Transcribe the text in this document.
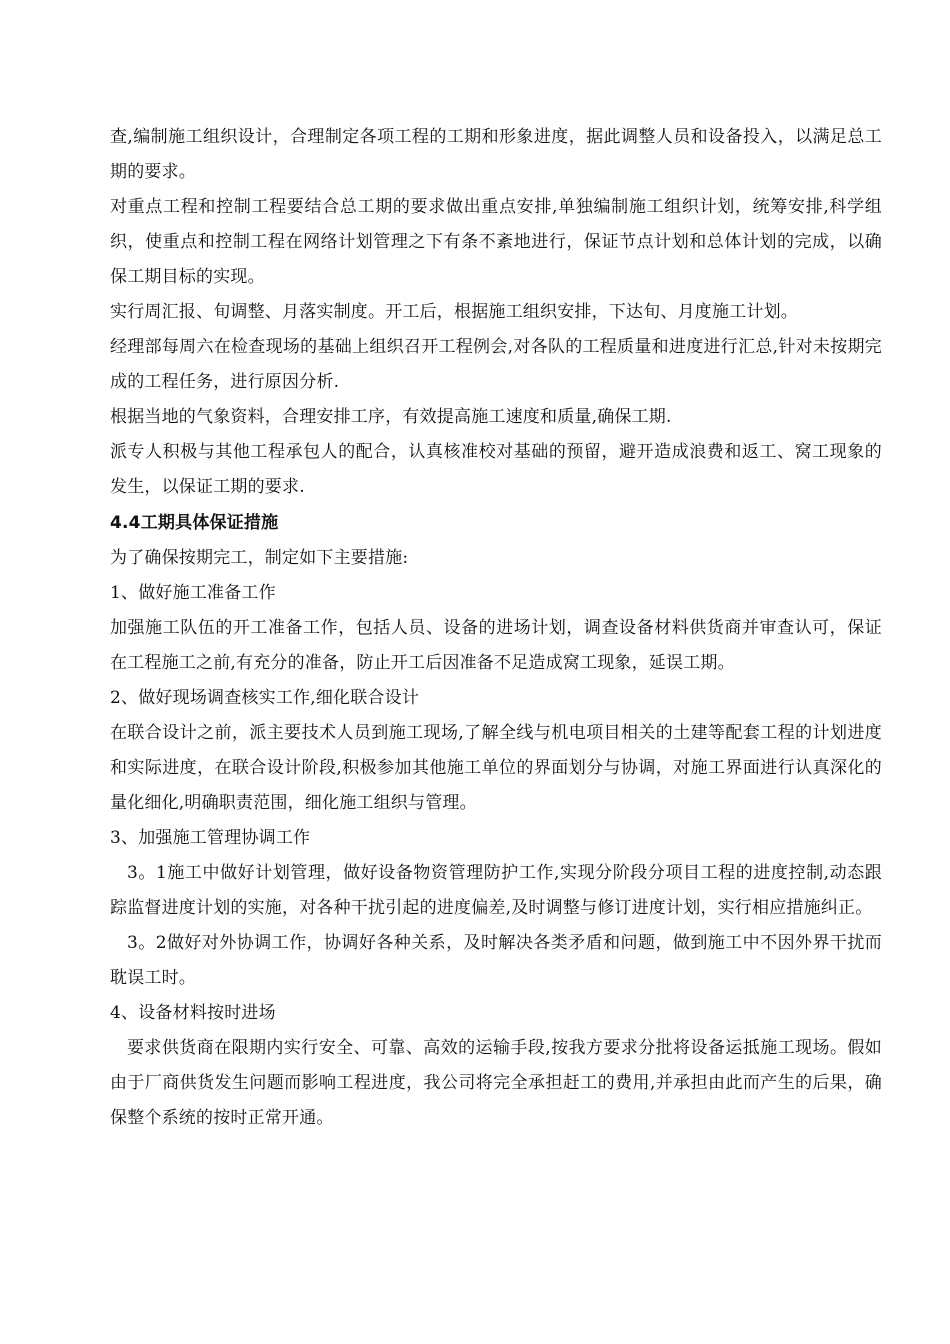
查,编制施工组织设计，合理制定各项工程的工期和形象进度，据此调整人员和设备投入，以满足总工期的要求。

对重点工程和控制工程要结合总工期的要求做出重点安排,单独编制施工组织计划，统筹安排,科学组织，使重点和控制工程在网络计划管理之下有条不紊地进行，保证节点计划和总体计划的完成，以确保工期目标的实现。

实行周汇报、旬调整、月落实制度。开工后，根据施工组织安排，下达旬、月度施工计划。

经理部每周六在检查现场的基础上组织召开工程例会,对各队的工程质量和进度进行汇总,针对未按期完成的工程任务，进行原因分析.

根据当地的气象资料，合理安排工序，有效提高施工速度和质量,确保工期.

派专人积极与其他工程承包人的配合，认真核准校对基础的预留，避开造成浪费和返工、窝工现象的发生，以保证工期的要求.

4.4工期具体保证措施

为了确保按期完工，制定如下主要措施:

1、做好施工准备工作

加强施工队伍的开工准备工作，包括人员、设备的进场计划，调查设备材料供货商并审查认可，保证在工程施工之前,有充分的准备，防止开工后因准备不足造成窝工现象，延误工期。

2、做好现场调查核实工作,细化联合设计

在联合设计之前，派主要技术人员到施工现场,了解全线与机电项目相关的土建等配套工程的计划进度和实际进度，在联合设计阶段,积极参加其他施工单位的界面划分与协调，对施工界面进行认真深化的量化细化,明确职责范围，细化施工组织与管理。

3、加强施工管理协调工作

3。1施工中做好计划管理，做好设备物资管理防护工作,实现分阶段分项目工程的进度控制,动态跟踪监督进度计划的实施，对各种干扰引起的进度偏差,及时调整与修订进度计划，实行相应措施纠正。

3。2做好对外协调工作，协调好各种关系，及时解决各类矛盾和问题，做到施工中不因外界干扰而耽误工时。

4、设备材料按时进场

要求供货商在限期内实行安全、可靠、高效的运输手段,按我方要求分批将设备运抵施工现场。假如由于厂商供货发生问题而影响工程进度，我公司将完全承担赶工的费用,并承担由此而产生的后果，确保整个系统的按时正常开通。
